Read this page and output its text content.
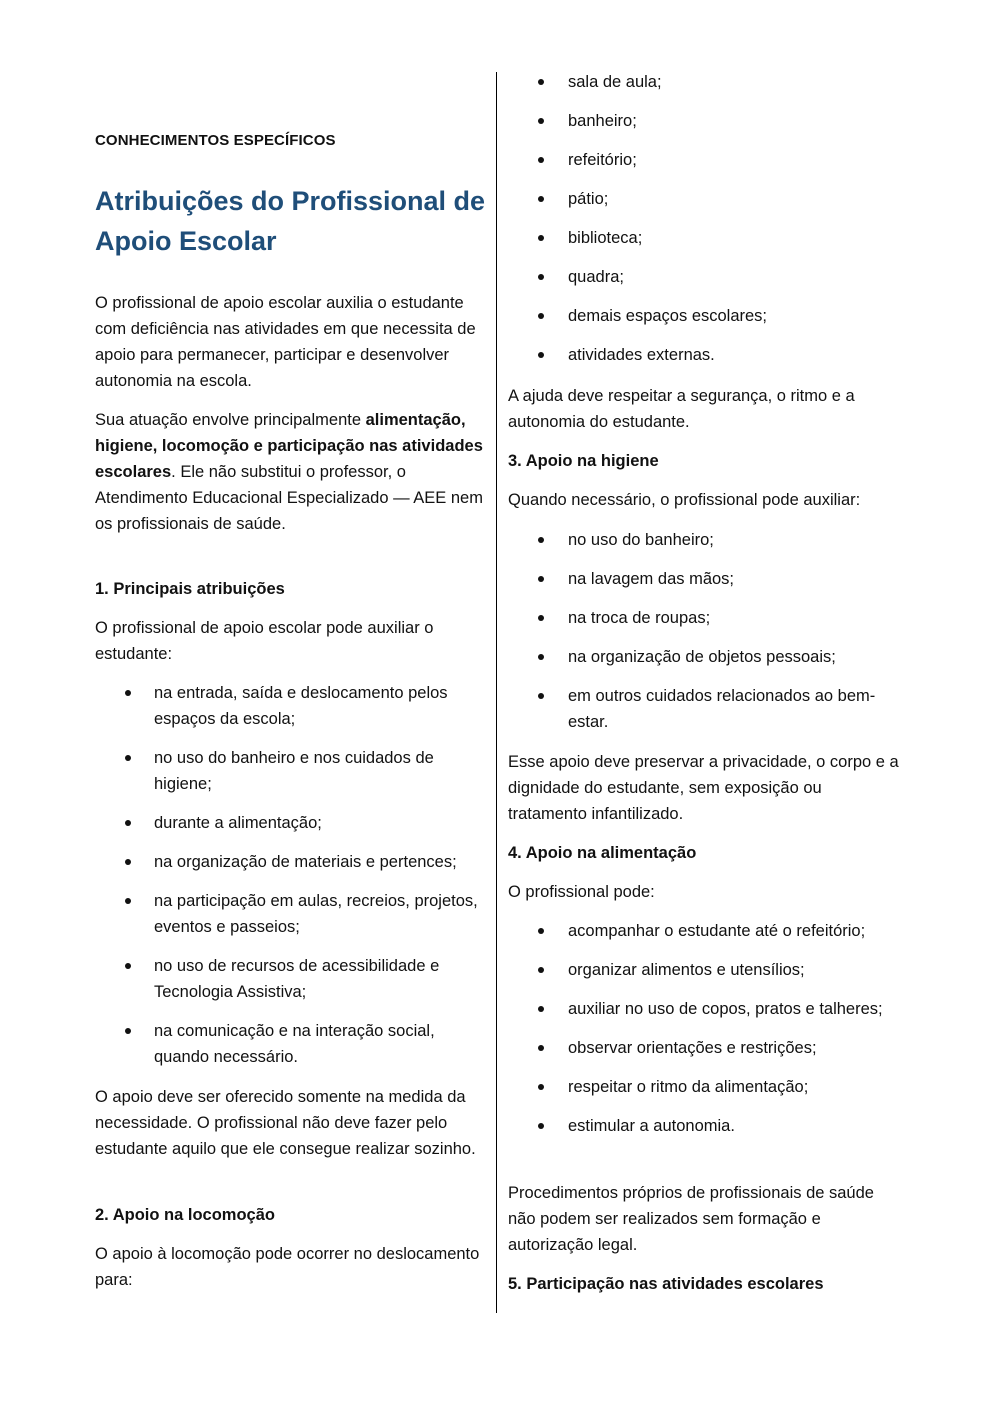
CONHECIMENTOS ESPECÍFICOS

Atribuições do Profissional de Apoio Escolar

O profissional de apoio escolar auxilia o estudante com deficiência nas atividades em que necessita de apoio para permanecer, participar e desenvolver autonomia na escola.

Sua atuação envolve principalmente alimentação, higiene, locomoção e participação nas atividades escolares. Ele não substitui o professor, o Atendimento Educacional Especializado — AEE nem os profissionais de saúde.

1. Principais atribuições

O profissional de apoio escolar pode auxiliar o estudante:

na entrada, saída e deslocamento pelos espaços da escola;
no uso do banheiro e nos cuidados de higiene;
durante a alimentação;
na organização de materiais e pertences;
na participação em aulas, recreios, projetos, eventos e passeios;
no uso de recursos de acessibilidade e Tecnologia Assistiva;
na comunicação e na interação social, quando necessário.

O apoio deve ser oferecido somente na medida da necessidade. O profissional não deve fazer pelo estudante aquilo que ele consegue realizar sozinho.

2. Apoio na locomoção

O apoio à locomoção pode ocorrer no deslocamento para:

sala de aula;
banheiro;
refeitório;
pátio;
biblioteca;
quadra;
demais espaços escolares;
atividades externas.

A ajuda deve respeitar a segurança, o ritmo e a autonomia do estudante.

3. Apoio na higiene

Quando necessário, o profissional pode auxiliar:

no uso do banheiro;
na lavagem das mãos;
na troca de roupas;
na organização de objetos pessoais;
em outros cuidados relacionados ao bem-estar.

Esse apoio deve preservar a privacidade, o corpo e a dignidade do estudante, sem exposição ou tratamento infantilizado.

4. Apoio na alimentação

O profissional pode:

acompanhar o estudante até o refeitório;
organizar alimentos e utensílios;
auxiliar no uso de copos, pratos e talheres;
observar orientações e restrições;
respeitar o ritmo da alimentação;
estimular a autonomia.

Procedimentos próprios de profissionais de saúde não podem ser realizados sem formação e autorização legal.

5. Participação nas atividades escolares
